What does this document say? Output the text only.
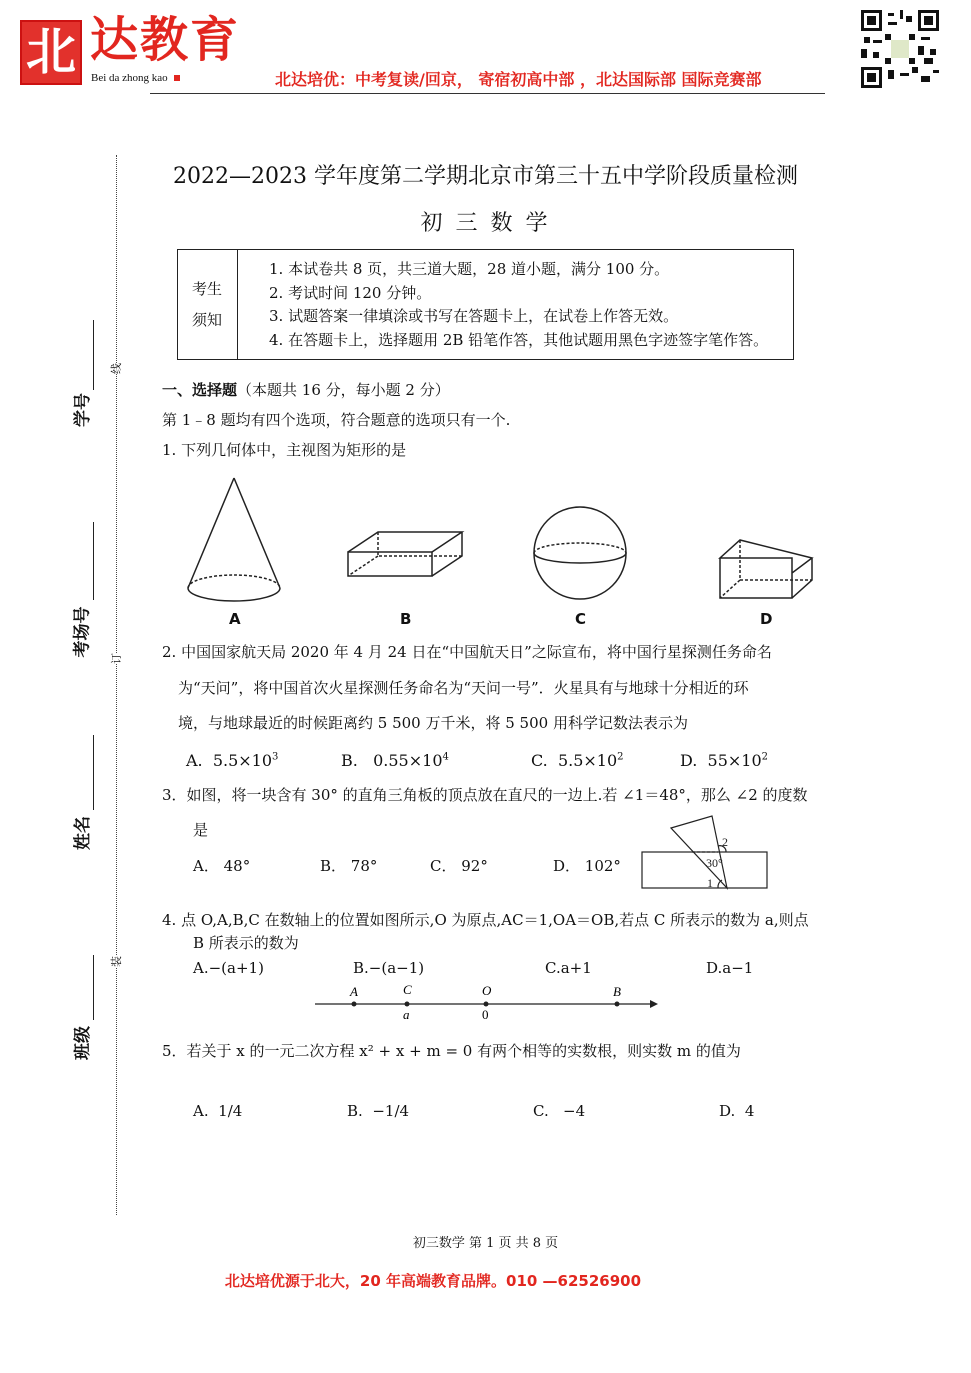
北 达教育
Bei da zhong kao	北达培优：中考复读/回京， 寄宿初高中部 ，北达国际部 国际竞赛部
学号
考场号
姓名
班级
线
订
装
2022—2023 学年度第二学期北京市第三十五中学阶段质量检测
初 三 数 学
考生
须知
1. 本试卷共 8 页，共三道大题，28 道小题，满分 100 分。
2. 考试时间 120 分钟。
3. 试题答案一律填涂或书写在答题卡上，在试卷上作答无效。
4. 在答题卡上，选择题用 2B 铅笔作答，其他试题用黑色字迹签字笔作答。
一、选择题（本题共 16 分，每小题 2 分）
第 1﹣8 题均有四个选项，符合题意的选项只有一个.
1. 下列几何体中，主视图为矩形的是
A	B	C	D
2. 中国国家航天局 2020 年 4 月 24 日在“中国航天日”之际宣布，将中国行星探测任务命名
为“天问”，将中国首次火星探测任务命名为“天问一号”．火星具有与地球十分相近的环
境，与地球最近的时候距离约 5 500 万千米，将 5 500 用科学记数法表示为
A. $5.5\times 10^3$	B. $0.55\times 10^4$	C. $5.5\times 10^2$	D. $55\times 10^2$
3．如图，将一块含有 30° 的直角三角板的顶点放在直尺的一边上.若 ∠1＝48°，那么 ∠2 的度数
是
A． 48°	B． 78°	C． 92°	D． 102°
2
30°
1
4. 点 O,A,B,C 在数轴上的位置如图所示,O 为原点,AC＝1,OA＝OB,若点 C 所表示的数为 a,则点
B 所表示的数为
A.−(a+1)	B.−(a−1)	C.a+1	D.a−1
A	C	O	B
a	0
5．若关于 x 的一元二次方程 x² + x + m = 0 有两个相等的实数根，则实数 m 的值为
A. 1/4	B. −1/4	C. −4	D. 4
初三数学 第 1 页 共 8 页
北达培优源于北大，20 年高端教育品牌。010 —62526900
